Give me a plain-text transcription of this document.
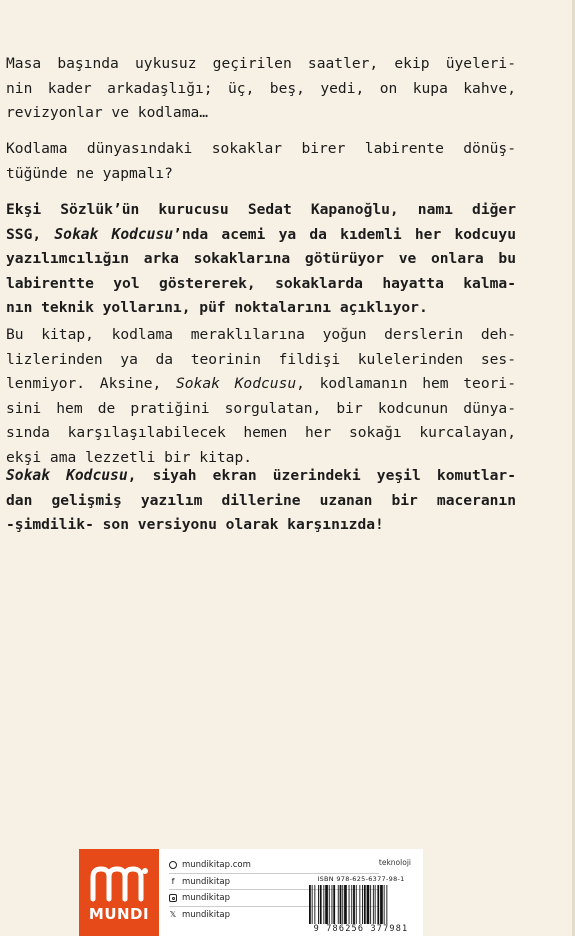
Masa başında uykusuz geçirilen saatler, ekip üyeleri-
nin kader arkadaşlığı; üç, beş, yedi, on kupa kahve,
revizyonlar ve kodlama…
Kodlama dünyasındaki sokaklar birer labirente dönüş-
tüğünde ne yapmalı?
Ekşi Sözlük’ün kurucusu Sedat Kapanoğlu, namı diğer
SSG, Sokak Kodcusu’nda acemi ya da kıdemli her kodcuyu
yazılımcılığın arka sokaklarına götürüyor ve onlara bu
labirentte yol göstererek, sokaklarda hayatta kalma-
nın teknik yollarını, püf noktalarını açıklıyor.
Bu kitap, kodlama meraklılarına yoğun derslerin deh-
lizlerinden ya da teorinin fildişi kulelerinden ses-
lenmiyor. Aksine, Sokak Kodcusu, kodlamanın hem teori-
sini hem de pratiğini sorgulatan, bir kodcunun dünya-
sında karşılaşılabilecek hemen her sokağı kurcalayan,
ekşi ama lezzetli bir kitap.
Sokak Kodcusu, siyah ekran üzerindeki yeşil komutlar-
dan gelişmiş yazılım dillerine uzanan bir maceranın
-şimdilik- son versiyonu olarak karşınızda!
MUNDI
mundikitap.com
f mundikitap
mundikitap
𝕏 mundikitap
teknoloji
ISBN 978-625-6377-98-1
9 786256 377981
